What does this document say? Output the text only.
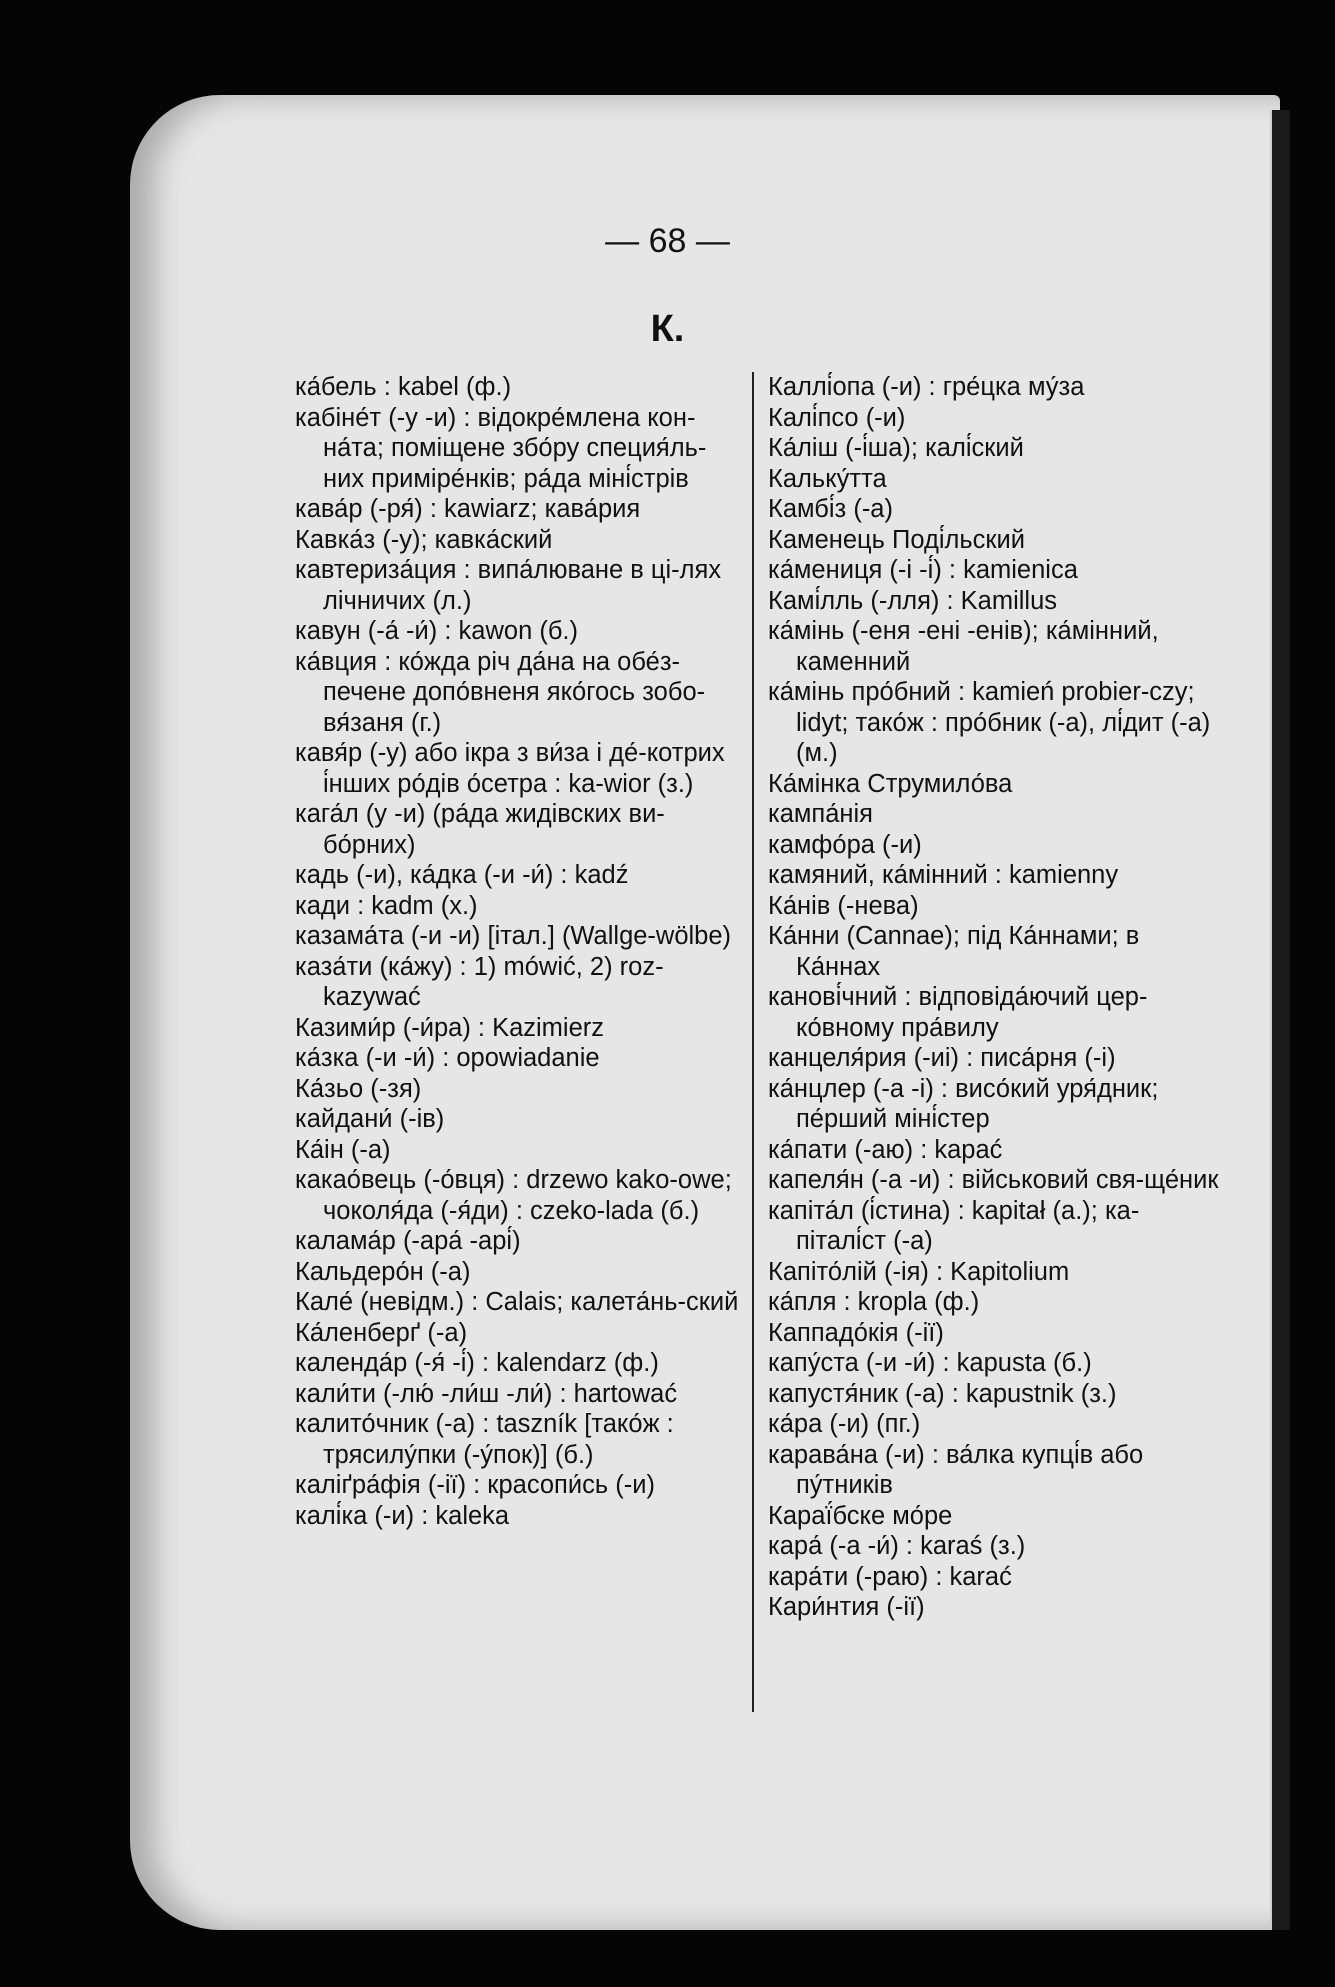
— 68 —
К.

ка́бель : kabel (ф.)

кабіне́т (-у -и) : відокре́млена кон-на́та; поміщене збо́ру специя́ль-них приміре́нків; ра́да міні́стрів

кава́р (-ря́) : kawiarz; кава́рия

Кавка́з (-у); кавка́ский

кавтериза́ция : випа́люване в ці-лях лічничих (л.)

кавун (-а́ -и́) : kawon (б.)

ка́вция : ко́жда річ да́на на обе́з-печене допо́вненя яко́гось зобо-вя́заня (г.)

кавя́р (-у) або ікра з ви́за і де́-котрих і́нших ро́дів о́сетра : ka-wior (з.)

кага́л (у -и) (ра́да жидівских ви-бо́рних)

кадь (-и), ка́дка (-и -и́) : kadź

кади : kadm (х.)

казама́та (-и -и) [італ.] (Wallge-wölbe)

каза́ти (ка́жу) : 1) mówić, 2) roz-kazywać

Казими́р (-и́ра) : Kazimierz

ка́зка (-и -и́) : opowiadanie

Ка́зьо (-зя)

кайдани́ (-ів)

Ка́ін (-а)

какао́вець (-о́вця) : drzewo kako-owe; чоколя́да (-я́ди) : czeko-lada (б.)

калама́р (-ара́ -арі́)

Кальдеро́н (-а)

Кале́ (невідм.) : Calais; калета́нь-ский

Ка́ленберґ (-а)

календа́р (-я́ -і́) : kalendarz (ф.)

кали́ти (-лю́ -ли́ш -ли́) : hartować

калито́чник (-а) : taszník [тако́ж : трясилу́пки (-у́пок)] (б.)

каліґра́фія (-ії) : красопи́сь (-и)

калі́ка (-и) : kaleka

Каллі́опа (-и) : гре́цка му́за

Калі́псо (-и)

Ка́ліш (-і́ша); калі́ский

Кальку́тта

Камбі́з (-а)

Каменець Поді́льский

ка́мениця (-і -і́) : kamienica

Камі́лль (-лля) : Kamillus

ка́мінь (-еня -ені -енів); ка́мінний, каменний

ка́мінь про́бний : kamień probier-czy; lidyt; тако́ж : про́бник (-а), лі́дит (-а) (м.)

Ка́мінка Струмило́ва

кампа́нія

камфо́ра (-и)

камяний, ка́мінний : kamienny

Ка́нів (-нева)

Ка́нни (Cannae); під Ка́ннами; в Ка́ннах

канові́чний : відповіда́ючий цер-ко́вному пра́вилу

канцеля́рия (-иі) : писа́рня (-і)

ка́нцлер (-а -і) : висо́кий уря́дник; пе́рший міні́стер

ка́пати (-аю) : kapać

капеля́н (-а -и) : військовий свя-ще́ник

капіта́л (і́стина) : kapitał (а.); ка-піталі́ст (-а)

Капіто́лій (-ія) : Kapitolium

ка́пля : kropla (ф.)

Каппадо́кія (-ії)

капу́ста (-и -и́) : kapusta (б.)

капустя́ник (-а) : kapustnik (з.)

ка́ра (-и) (пг.)

карава́на (-и) : ва́лка купці́в або пу́тників

Караї́бске мо́ре

кара́ (-а -и́) : karaś (з.)

кара́ти (-раю) : karać

Кари́нтия (-ії)
